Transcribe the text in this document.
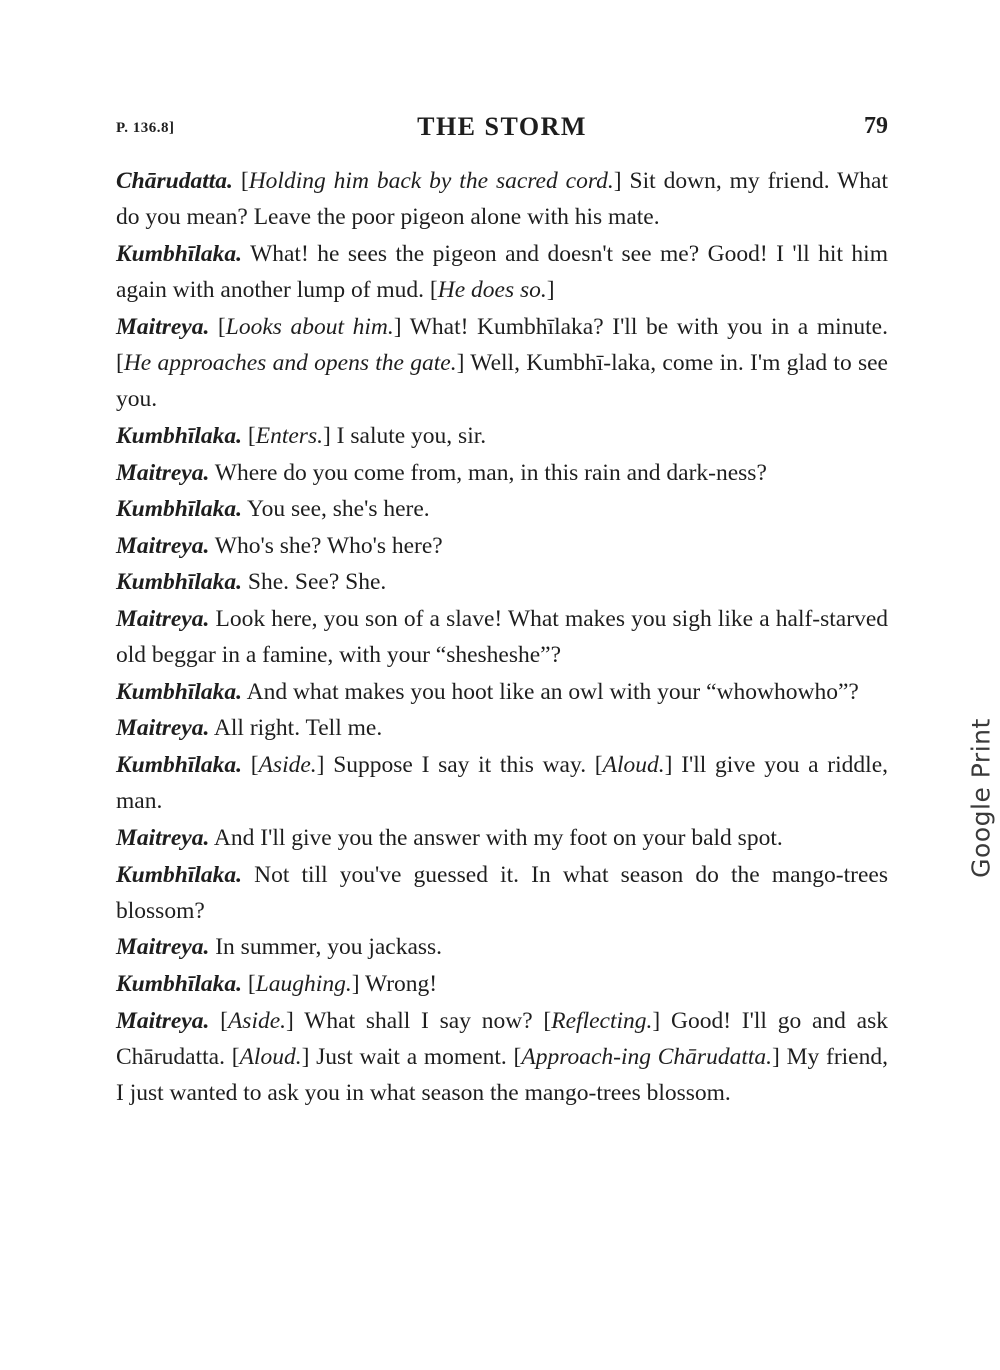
P. 136.8]	THE STORM	79

Chārudatta. [Holding him back by the sacred cord.] Sit down, my friend. What do you mean? Leave the poor pigeon alone with his mate.

Kumbhīlaka. What! he sees the pigeon and doesn't see me? Good! I 'll hit him again with another lump of mud. [He does so.]

Maitreya. [Looks about him.] What! Kumbhīlaka? I'll be with you in a minute. [He approaches and opens the gate.] Well, Kumbhī-laka, come in. I'm glad to see you.

Kumbhīlaka. [Enters.] I salute you, sir.

Maitreya. Where do you come from, man, in this rain and dark-ness?

Kumbhīlaka. You see, she's here.

Maitreya. Who's she? Who's here?

Kumbhīlaka. She. See? She.

Maitreya. Look here, you son of a slave! What makes you sigh like a half-starved old beggar in a famine, with your “shesheshe”?

Kumbhīlaka. And what makes you hoot like an owl with your “whowhowho”?

Maitreya. All right. Tell me.

Kumbhīlaka. [Aside.] Suppose I say it this way. [Aloud.] I'll give you a riddle, man.

Maitreya. And I'll give you the answer with my foot on your bald spot.

Kumbhīlaka. Not till you've guessed it. In what season do the mango-trees blossom?

Maitreya. In summer, you jackass.

Kumbhīlaka. [Laughing.] Wrong!

Maitreya. [Aside.] What shall I say now? [Reflecting.] Good! I'll go and ask Chārudatta. [Aloud.] Just wait a moment. [Approach-ing Chārudatta.] My friend, I just wanted to ask you in what season the mango-trees blossom.

Google Print
